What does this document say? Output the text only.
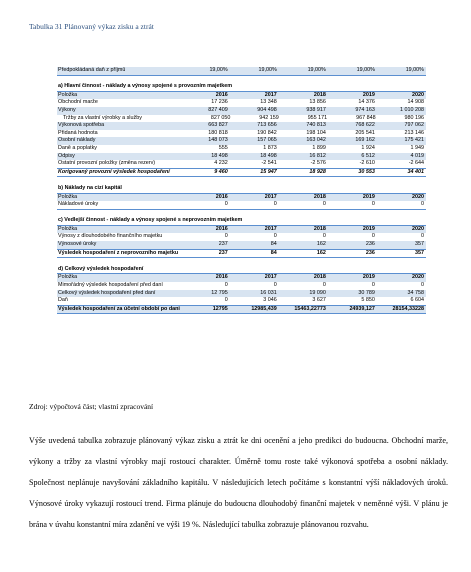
Tabulka 31 Plánovaný výkaz zisku a ztrát
Předpokládaná daň z příjmů	19,00%	19,00%	19,00%	19,00%	19,00%
a) Hlavní činnost - náklady a výnosy spojené s provozním majetkem
Položka	2016	2017	2018	2019	2020
Obchodní marže	17 236	13 348	13 856	14 376	14 908
Výkony	827 409	904 498	938 917	974 163	1 010 208
Tržby za vlastní výrobky a služby	827 050	942 159	955 171	967 848	980 196
Výkonová spotřeba	663 827	713 656	740 813	768 622	797 062
Přidaná hodnota	180 818	190 842	198 104	205 541	213 146
Osobní náklady	148 073	157 065	163 042	169 162	175 421
Daně a poplatky	555	1 873	1 899	1 924	1 949
Odpisy	18 498	18 498	16 812	6 512	4 019
Ostatní provozní položky (změna rezerv)	4 232	-2 541	-2 576	-2 610	-2 644
Korigovaný provozní výsledek hospodaření	9 460	15 947	18 928	30 553	34 401
b) Náklady na cizí kapitál
Položka	2016	2017	2018	2019	2020
Nákladové úroky	0	0	0	0	0
c) Vedlejší činnost - náklady a výnosy spojené s neprovozním majetkem
Položka	2016	2017	2018	2019	2020
Výnosy z dlouhodobého finančního majetku	0	0	0	0	0
Výnosové úroky	237	84	162	236	357
Výsledek hospodaření z neprovozního majetku	237	84	162	236	357
d) Celkový výsledek hospodaření
Položka	2016	2017	2018	2019	2020
Mimořádný výsledek hospodaření před daní	0	0	0	0	0
Celkový výsledek hospodaření před daní	12 795	16 031	19 090	30 789	34 758
Daň	0	3 046	3 627	5 850	6 604
Výsledek hospodaření za účetní období po dani	12795	12985,439	15463,22773	24939,127	28154,33228
Zdroj: výpočtová část; vlastní zpracování
Výše uvedená tabulka zobrazuje plánovaný výkaz zisku a ztrát ke dni ocenění a jeho predikci do budoucna. Obchodní marže, výkony a tržby za vlastní výrobky mají rostoucí charakter. Úměrně tomu roste také výkonová spotřeba a osobní náklady. Společnost neplánuje navyšování základního kapitálu. V následujících letech počítáme s konstantní výší nákladových úroků. Výnosové úroky vykazují rostoucí trend. Firma plánuje do budoucna dlouhodobý finanční majetek v neměnné výši. V plánu je brána v úvahu konstantní míra zdanění ve výši 19 %. Následující tabulka zobrazuje plánovanou rozvahu.
